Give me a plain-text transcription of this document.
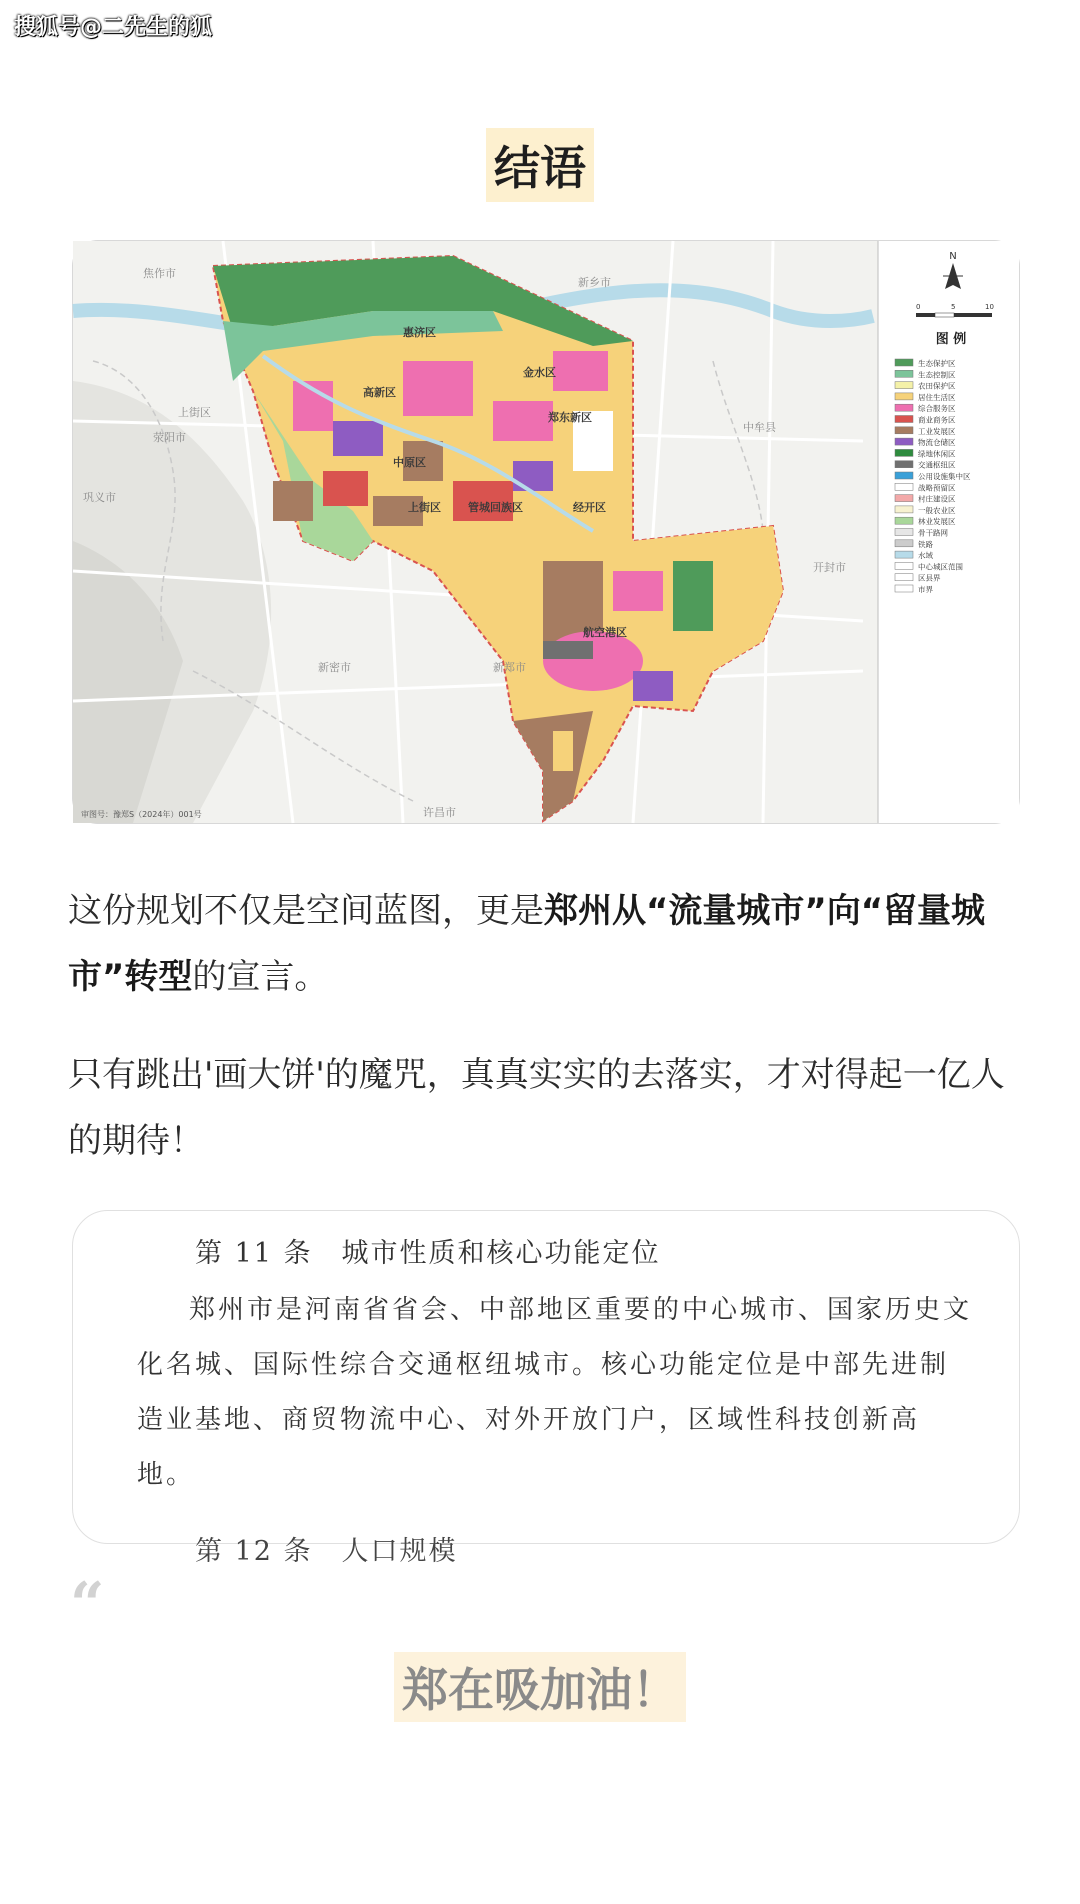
搜狐号@二先生的狐
结语
焦作市
新乡市
荥阳市
上街区
巩义市
新密市	新郑市
许昌市
中牟县
开封市
惠济区
金水区
高新区
郑东新区
中原区
上街区 管城回族区	经开区
航空港区
N
0	5	10
图 例
生态保护区
生态控制区
农田保护区
居住生活区
综合服务区
商业商务区
工业发展区
物流仓储区
绿地休闲区
交通枢纽区
公用设施集中区
战略预留区
村庄建设区
一般农业区
林业发展区
骨干路网
铁路
水域
中心城区范围
区县界
市界
审图号：豫郑S（2024年）001号
这份规划不仅是空间蓝图，更是郑州从“流量城市”向“留量城市”转型的宣言。
只有跳出'画大饼'的魔咒，真真实实的去落实，才对得起一亿人的期待！
第 11 条　城市性质和核心功能定位
郑州市是河南省省会、中部地区重要的中心城市、国家历史文化名城、国际性综合交通枢纽城市。核心功能定位是中部先进制造业基地、商贸物流中心、对外开放门户，区域性科技创新高地。
第 12 条　人口规模
“
郑在吸加油！
